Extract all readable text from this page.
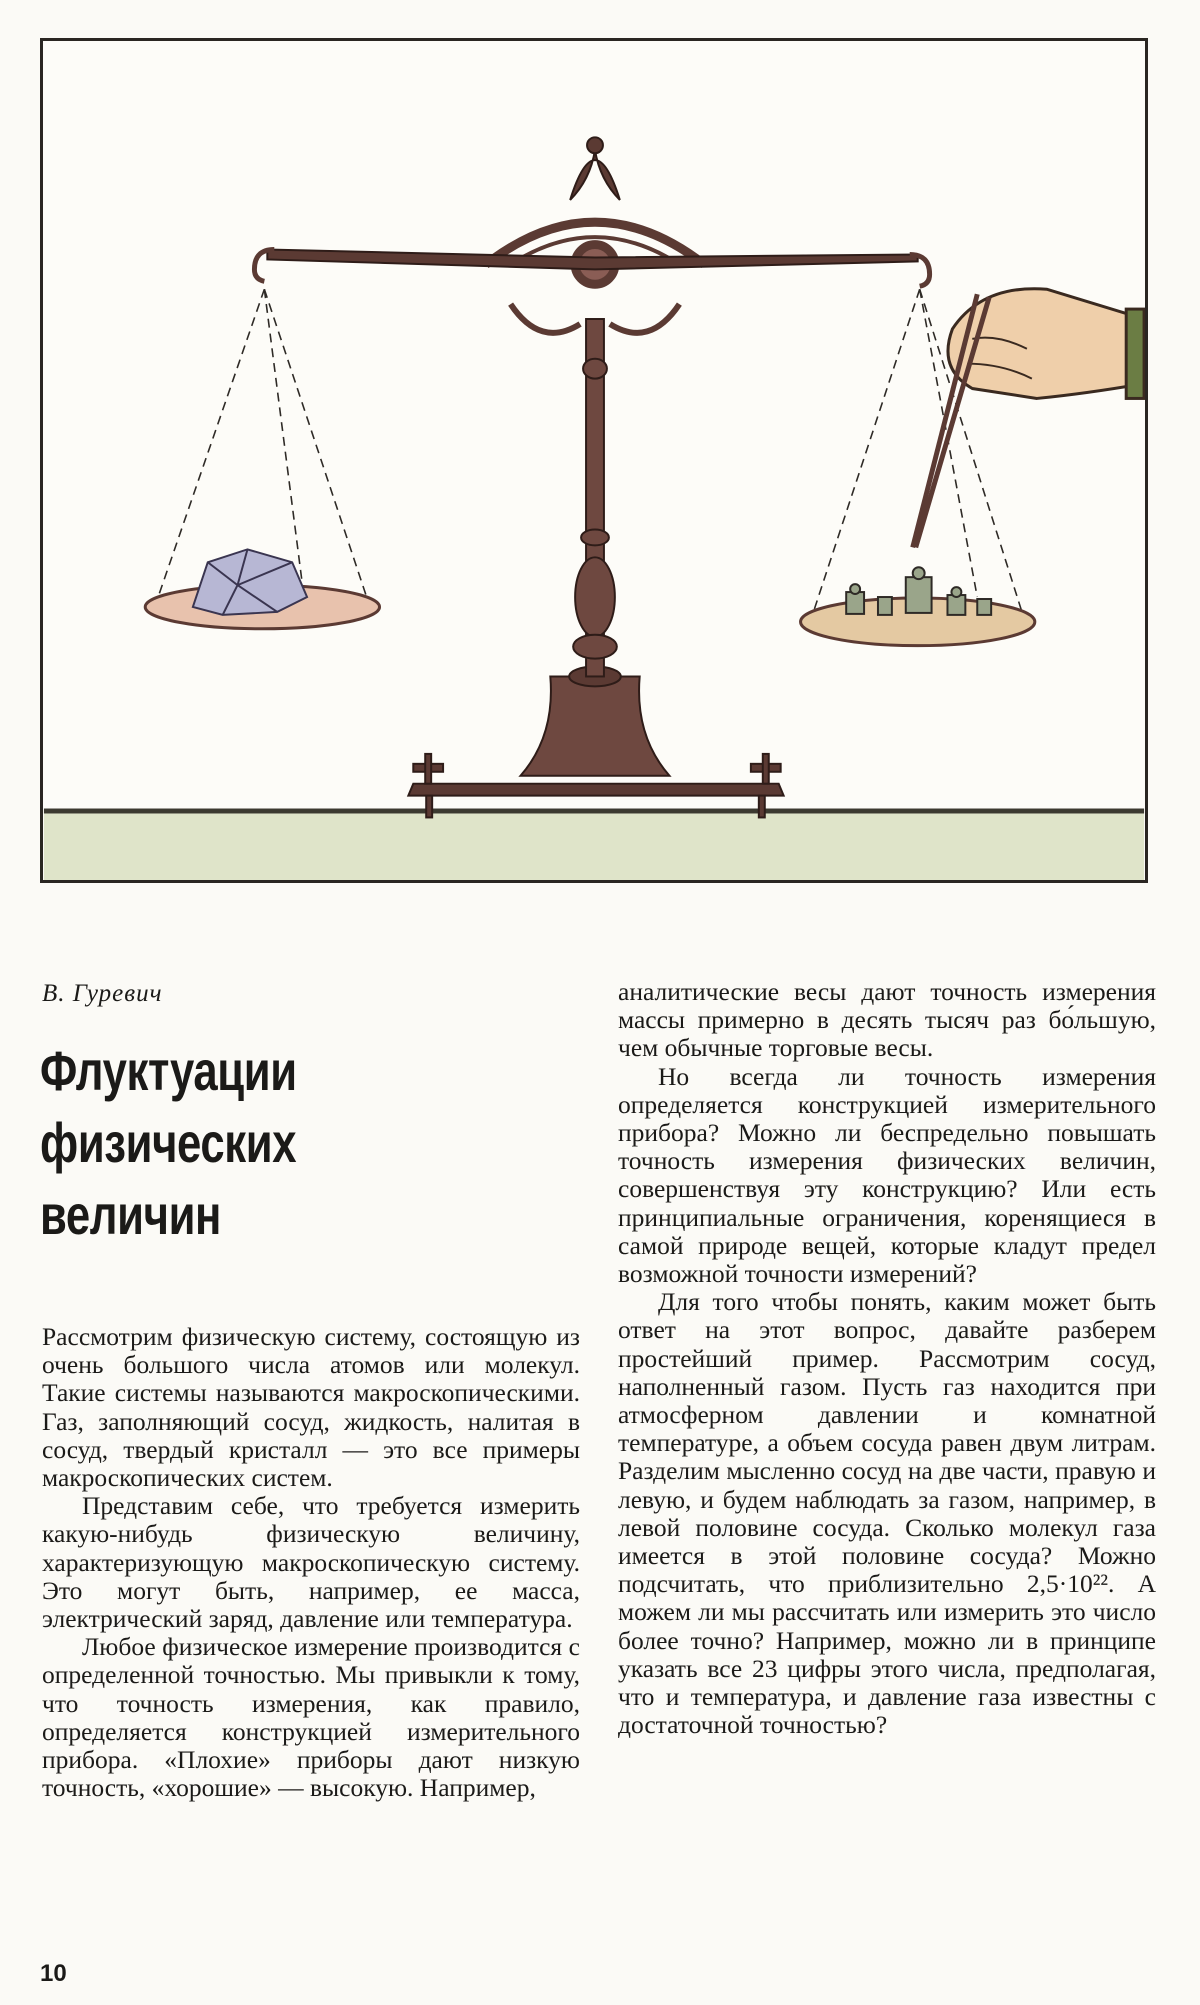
В. Гуревич
Флуктуации
физических
величин

Рассмотрим физическую систему, состоящую из очень большого числа атомов или молекул. Такие системы называются макроскопическими. Газ, заполняющий сосуд, жидкость, налитая в сосуд, твердый кристалл — это все примеры макроскопических систем.

Представим себе, что требуется измерить какую-нибудь физическую величину, характеризующую макроскопическую систему. Это могут быть, например, ее масса, электрический заряд, давление или температура.

Любое физическое измерение производится с определенной точностью. Мы привыкли к тому, что точность измерения, как правило, определяется конструкцией измерительного прибора. «Плохие» приборы дают низкую точность, «хорошие» — высокую. Например,

аналитические весы дают точность измерения массы примерно в десять тысяч раз бо́льшую, чем обычные торговые весы.

Но всегда ли точность измерения определяется конструкцией измерительного прибора? Можно ли беспредельно повышать точность измерения физических величин, совершенствуя эту конструкцию? Или есть принципиальные ограничения, коренящиеся в самой природе вещей, которые кладут предел возможной точности измерений?

Для того чтобы понять, каким может быть ответ на этот вопрос, давайте разберем простейший пример. Рассмотрим сосуд, наполненный газом. Пусть газ находится при атмосферном давлении и комнатной температуре, а объем сосуда равен двум литрам. Разделим мысленно сосуд на две части, правую и левую, и будем наблюдать за газом, например, в левой половине сосуда. Сколько молекул газа имеется в этой половине сосуда? Можно подсчитать, что приблизительно 2,5·10²². А можем ли мы рассчитать или измерить это число более точно? Например, можно ли в принципе указать все 23 цифры этого числа, предполагая, что и температура, и давление газа известны с достаточной точностью?

10
